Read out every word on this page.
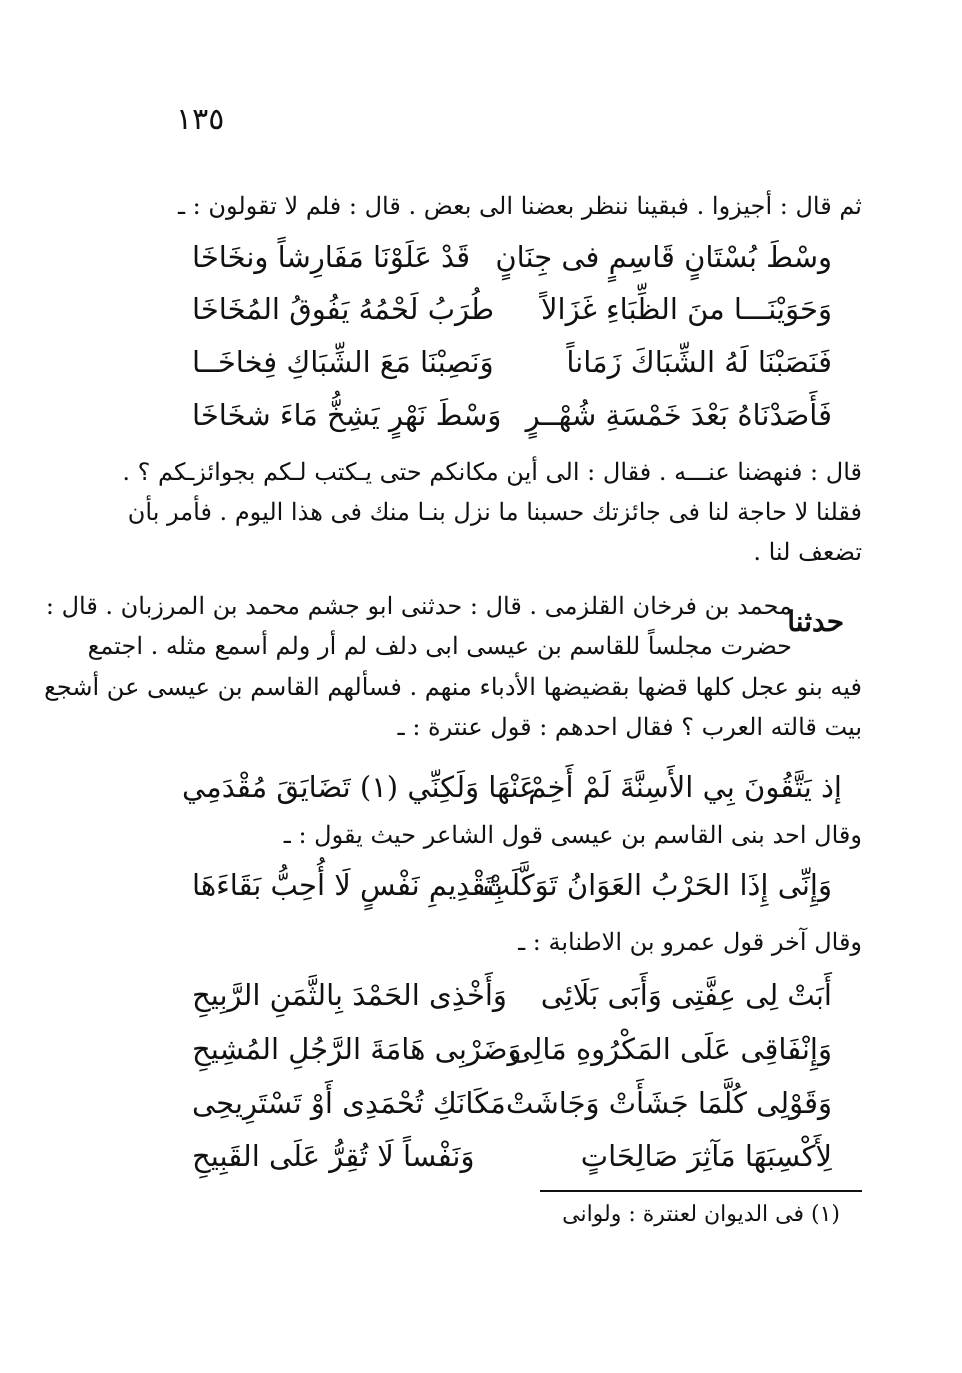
١٣٥
ثم قال : أجيزوا . فبقينا ننظر بعضنا الى بعض . قال : فلم لا تقولون : ـ
وسْطَ بُسْتَانٍ قَاسِمٍ فى جِنَانٍ
قَدْ عَلَوْنَا مَفَارِشاً ونخَاخَا
وَحَوَيْنَـــا منَ الظِّبَاءِ غَزَالاً
طُرَبُ لَحْمُهُ يَفُوقُ المُخَاخَا
فَنَصَبْنَا لَهُ الشِّبَاكَ زَمَاناً
وَنَصِبْنَا مَعَ الشِّبَاكِ فِخاخَــا
فَأَصَدْنَاهُ بَعْدَ خَمْسَةِ شُهْــرٍ
وَسْطَ نَهْرٍ يَشِخُّ مَاءَ شخَاخَا
قال : فنهضنا عنـــه . فقال : الى أين مكانكم حتى يـكتب لـكم بجوائزـكم ؟ .
فقلنا لا حاجة لنا فى جائزتك حسبنا ما نزل بنـا منك فى هذا اليوم . فأمر بأن
تضعف لنا .
حدثنا
محمد بن فرخان القلزمى . قال : حدثنى ابو جشم محمد بن المرزبان . قال :
حضرت مجلساً للقاسم بن عيسى ابى دلف لم أر ولم أسمع مثله . اجتمع
فيه بنو عجل كلها قضها بقضيضها الأدباء منهم . فسألهم القاسم بن عيسى عن أشجع
بيت قالته العرب ؟ فقال احدهم : قول عنترة : ـ
إذ يَتَّقُونَ بِي الأَسِنَّةَ لَمْ أَخِمْ
عَنْهَا وَلَكِنِّي (١) تَضَايَقَ مُقْدَمِي
وقال احد بنى القاسم بن عيسى قول الشاعر حيث يقول : ـ
وَإِنِّى إِذَا الحَرْبُ العَوَانُ تَوَكَّلَتْ
بِتَقْدِيمِ نَفْسٍ لَا أُحِبُّ بَقَاءَهَا
وقال آخر قول عمرو بن الاطنابة : ـ
أَبَتْ لِى عِفَّتِى وَأَبَى بَلَائِى
وَأَخْذِى الحَمْدَ بِالثَّمَنِ الرَّبِيحِ
وَإِنْفَاقِى عَلَى المَكْرُوهِ مَالِى
وَضَرْبِى هَامَةَ الرَّجُلِ المُشِيحِ
وَقَوْلِى كُلَّمَا جَشَأَتْ وَجَاشَتْ
مَكَانَكِ تُحْمَدِى أَوْ تَسْتَرِيحِى
لِأَكْسِبَهَا مَآثِرَ صَالِحَاتٍ
وَنَفْساً لَا تُقِرُّ عَلَى القَبِيحِ
(١) فى الديوان لعنترة : ولوانى
